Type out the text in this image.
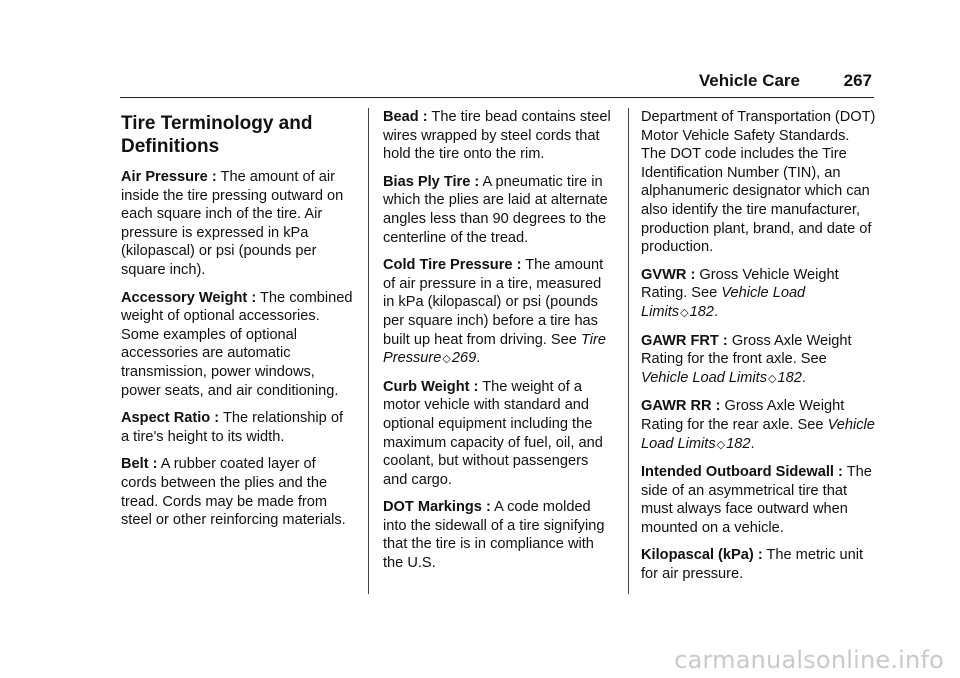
Vehicle Care	267
Tire Terminology and Definitions
Air Pressure : The amount of air inside the tire pressing outward on each square inch of the tire. Air pressure is expressed in kPa (kilopascal) or psi (pounds per square inch).
Accessory Weight : The combined weight of optional accessories. Some examples of optional accessories are automatic transmission, power windows, power seats, and air conditioning.
Aspect Ratio : The relationship of a tire's height to its width.
Belt : A rubber coated layer of cords between the plies and the tread. Cords may be made from steel or other reinforcing materials.
Bead : The tire bead contains steel wires wrapped by steel cords that hold the tire onto the rim.
Bias Ply Tire : A pneumatic tire in which the plies are laid at alternate angles less than 90 degrees to the centerline of the tread.
Cold Tire Pressure : The amount of air pressure in a tire, measured in kPa (kilopascal) or psi (pounds per square inch) before a tire has built up heat from driving. See Tire Pressure◇269.
Curb Weight : The weight of a motor vehicle with standard and optional equipment including the maximum capacity of fuel, oil, and coolant, but without passengers and cargo.
DOT Markings : A code molded into the sidewall of a tire signifying that the tire is in compliance with the U.S.
Department of Transportation (DOT) Motor Vehicle Safety Standards. The DOT code includes the Tire Identification Number (TIN), an alphanumeric designator which can also identify the tire manufacturer, production plant, brand, and date of production.
GVWR : Gross Vehicle Weight Rating. See Vehicle Load Limits◇182.
GAWR FRT : Gross Axle Weight Rating for the front axle. See Vehicle Load Limits◇182.
GAWR RR : Gross Axle Weight Rating for the rear axle. See Vehicle Load Limits◇182.
Intended Outboard Sidewall : The side of an asymmetrical tire that must always face outward when mounted on a vehicle.
Kilopascal (kPa) : The metric unit for air pressure.
carmanualsonline.info
